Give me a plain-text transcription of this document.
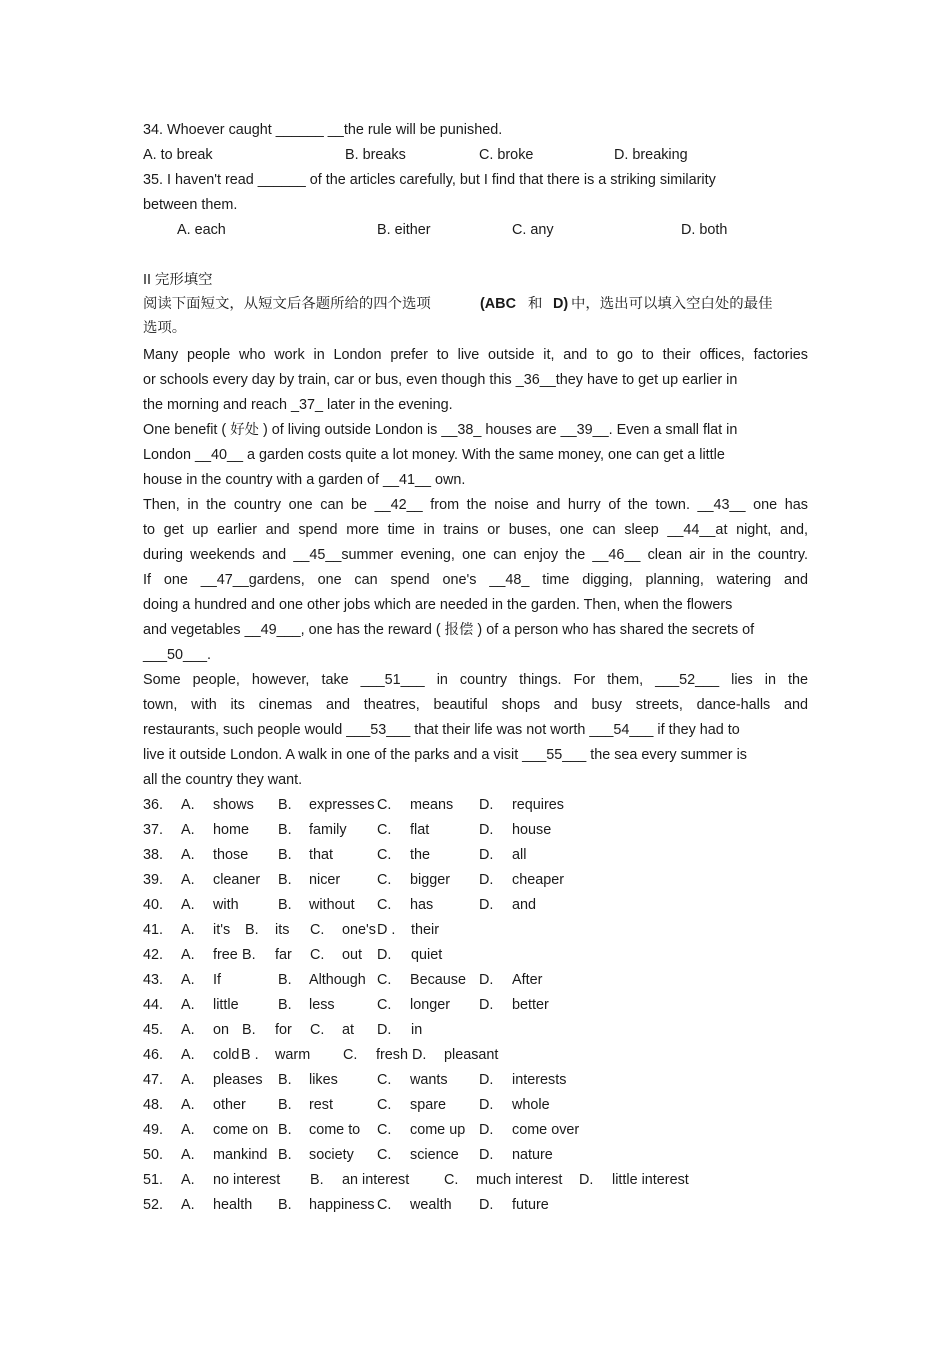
34. Whoever caught ______ __the rule will be punished.
A. to break	B. breaks	C. broke	D. breaking
35. I haven't read ______ of the articles carefully, but I find that there is a striking similarity
between them.
A. each	B. either	C. any	D. both
II 完形填空
阅读下面短文，从短文后各题所给的四个选项	(ABC 和 D) 中，选出可以填入空白处的最佳
选项。
Many people who work in London prefer to live outside it, and to go to their offices, factories
or schools every day by train, car or bus, even though this _36__they have to get up earlier in
the morning and reach _37_ later in the evening.
One benefit ( 好处 ) of living outside London is __38_ houses are __39__. Even a small flat in
London __40__ a garden costs quite a lot money. With the same money, one can get a little
house in the country with a garden of __41__ own.
Then, in the country one can be __42__ from the noise and hurry of the town. __43__ one has
to get up earlier and spend more time in trains or buses, one can sleep __44__at night, and,
during weekends and __45__summer evening, one can enjoy the __46__ clean air in the country.
If one __47__gardens, one can spend one's __48_ time digging, planning, watering and
doing a hundred and one other jobs which are needed in the garden. Then, when the flowers
and vegetables __49___, one has the reward ( 报偿 ) of a person who has shared the secrets of
___50___.
Some people, however, take ___51___ in country things. For them, ___52___ lies in the
town, with its cinemas and theatres, beautiful shops and busy streets, dance-halls and
restaurants, such people would ___53___ that their life was not worth ___54___ if they had to
live it outside London. A walk in one of the parks and a visit ___55___ the sea every summer is
all the country they want.
36. A. shows B. expresses C. means D. requires
37. A. home B. family C. flat	D. house
38. A. those B. that	C. the	D. all
39. A. cleaner B. nicer	C. bigger D. cheaper
40. A. with	B. without C. has	D. and
41. A. it's B. its C. one's D . their
42. A. free B. far C. out D. quiet
43. A. If	B. Although C. Because D. After
44. A. little	B. less	C. longer D. better
45. A. on B. for C. at D. in
46. A. cold B . warm C. fresh D. pleasant
47. A. pleases B. likes	C. wants D. interests
48. A. other B. rest	C. spare D. whole
49. A. come on B. come to C. come up D. come over
50. A. mankind B. society C. science D. nature
51. A. no interest B. an interest C. much interest D. little interest
52. A. health B. happiness C. wealth D. future
